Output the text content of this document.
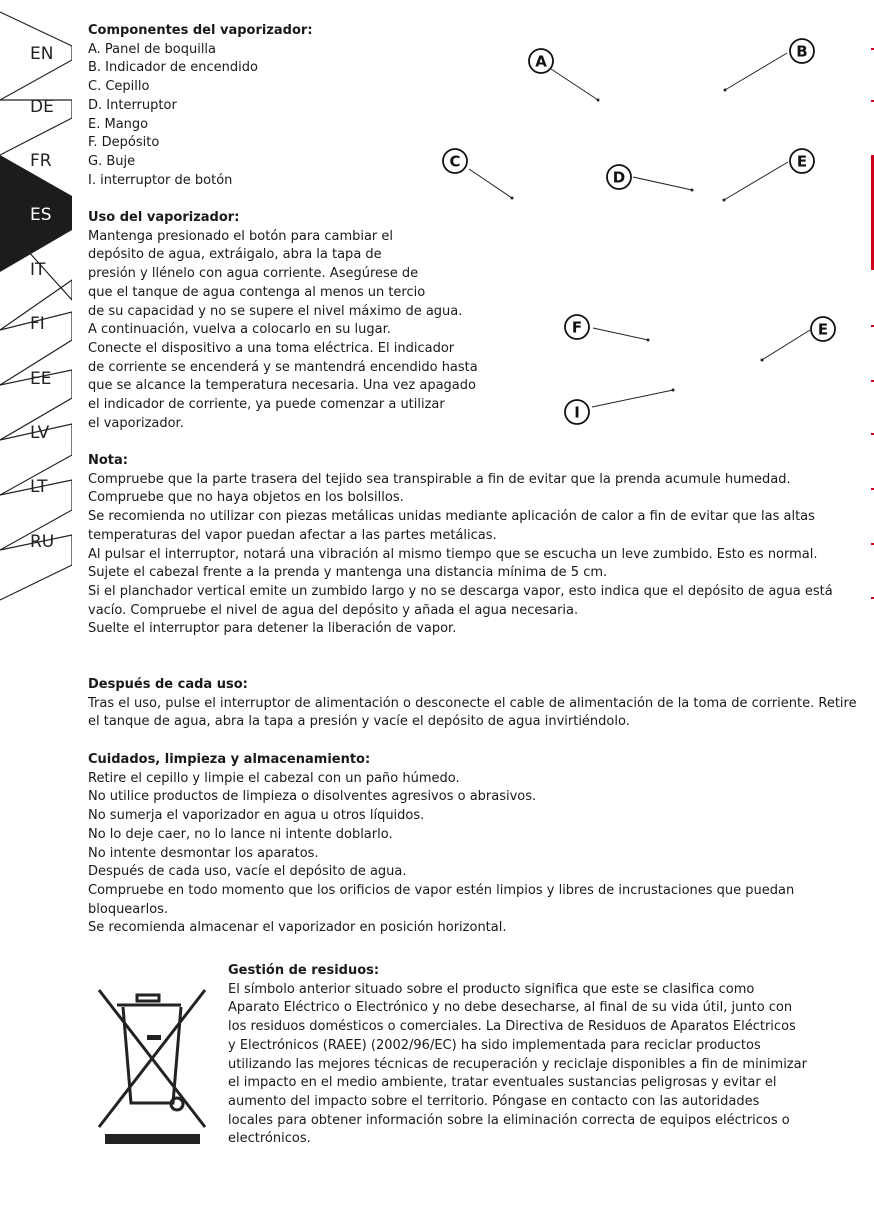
EN
DE
FR
ES
IT
FI
EE
LV
LT
RU
Componentes del vaporizador:
A. Panel de boquilla
B. Indicador de encendido
C. Cepillo
D. Interruptor
E. Mango
F. Depósito
G. Buje
I. interruptor de botón
Uso del vaporizador:
Mantenga presionado el botón para cambiar el
depósito de agua, extráigalo, abra la tapa de
presión y llénelo con agua corriente. Asegúrese de
que el tanque de agua contenga al menos un tercio
de su capacidad y no se supere el nivel máximo de agua.
A continuación, vuelva a colocarlo en su lugar.
Conecte el dispositivo a una toma eléctrica. El indicador
de corriente se encenderá y se mantendrá encendido hasta
que se alcance la temperatura necesaria. Una vez apagado
el indicador de corriente, ya puede comenzar a utilizar
el vaporizador.
A
B
C
D
E
F	E
I
Nota:
Compruebe que la parte trasera del tejido sea transpirable a fin de evitar que la prenda acumule humedad.
Compruebe que no haya objetos en los bolsillos.
Se recomienda no utilizar con piezas metálicas unidas mediante aplicación de calor a fin de evitar que las altas temperaturas del vapor puedan afectar a las partes metálicas.
Al pulsar el interruptor, notará una vibración al mismo tiempo que se escucha un leve zumbido. Esto es normal.
Sujete el cabezal frente a la prenda y mantenga una distancia mínima de 5 cm.
Si el planchador vertical emite un zumbido largo y no se descarga vapor, esto indica que el depósito de agua está vacío. Compruebe el nivel de agua del depósito y añada el agua necesaria.
Suelte el interruptor para detener la liberación de vapor.
Después de cada uso:
Tras el uso, pulse el interruptor de alimentación o desconecte el cable de alimentación de la toma de corriente. Retire el tanque de agua, abra la tapa a presión y vacíe el depósito de agua invirtiéndolo.
Cuidados, limpieza y almacenamiento:
Retire el cepillo y limpie el cabezal con un paño húmedo.
No utilice productos de limpieza o disolventes agresivos o abrasivos.
No sumerja el vaporizador en agua u otros líquidos.
No lo deje caer, no lo lance ni intente doblarlo.
No intente desmontar los aparatos.
Después de cada uso, vacíe el depósito de agua.
Compruebe en todo momento que los orificios de vapor estén limpios y libres de incrustaciones que puedan bloquearlos.
Se recomienda almacenar el vaporizador en posición horizontal.
Gestión de residuos:
El símbolo anterior situado sobre el producto significa que este se clasifica como
Aparato Eléctrico o Electrónico y no debe desecharse, al final de su vida útil, junto con
los residuos domésticos o comerciales. La Directiva de Residuos de Aparatos Eléctricos
y Electrónicos (RAEE) (2002/96/EC) ha sido implementada para reciclar productos
utilizando las mejores técnicas de recuperación y reciclaje disponibles a fin de minimizar
el impacto en el medio ambiente, tratar eventuales sustancias peligrosas y evitar el
aumento del impacto sobre el territorio. Póngase en contacto con las autoridades
locales para obtener información sobre la eliminación correcta de equipos eléctricos o
electrónicos.
